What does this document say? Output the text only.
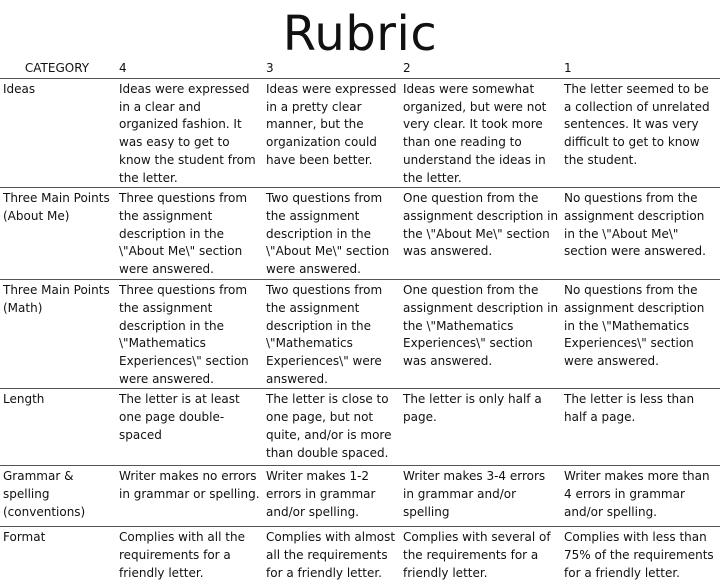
Rubric
CATEGORY	4	3	2	1
Ideas	Ideas were expressed in a clear and organized fashion. It was easy to get to know the student from the letter.	Ideas were expressed in a pretty clear manner, but the organization could have been better.	Ideas were somewhat organized, but were not very clear. It took more than one reading to understand the ideas in the letter.	The letter seemed to be a collection of unrelated sentences. It was very difficult to get to know the student.
Three Main Points (About Me)	Three questions from the assignment description in the \"About Me\" section were answered.	Two questions from the assignment description in the \"About Me\" section were answered.	One question from the assignment description in the \"About Me\" section was answered.	No questions from the assignment description in the \"About Me\" section were answered.
Three Main Points (Math)	Three questions from the assignment description in the \"Mathematics Experiences\" section were answered.	Two questions from the assignment description in the \"Mathematics Experiences\" were answered.	One question from the assignment description in the \"Mathematics Experiences\" section was answered.	No questions from the assignment description in the \"Mathematics Experiences\" section were answered.
Length	The letter is at least one page double-spaced	The letter is close to one page, but not quite, and/or is more than double spaced.	The letter is only half a page.	The letter is less than half a page.
Grammar & spelling (conventions)	Writer makes no errors in grammar or spelling.	Writer makes 1-2 errors in grammar and/or spelling.	Writer makes 3-4 errors in grammar and/or spelling	Writer makes more than 4 errors in grammar and/or spelling.
Format	Complies with all the requirements for a friendly letter.	Complies with almost all the requirements for a friendly letter.	Complies with several of the requirements for a friendly letter.	Complies with less than 75% of the requirements for a friendly letter.
